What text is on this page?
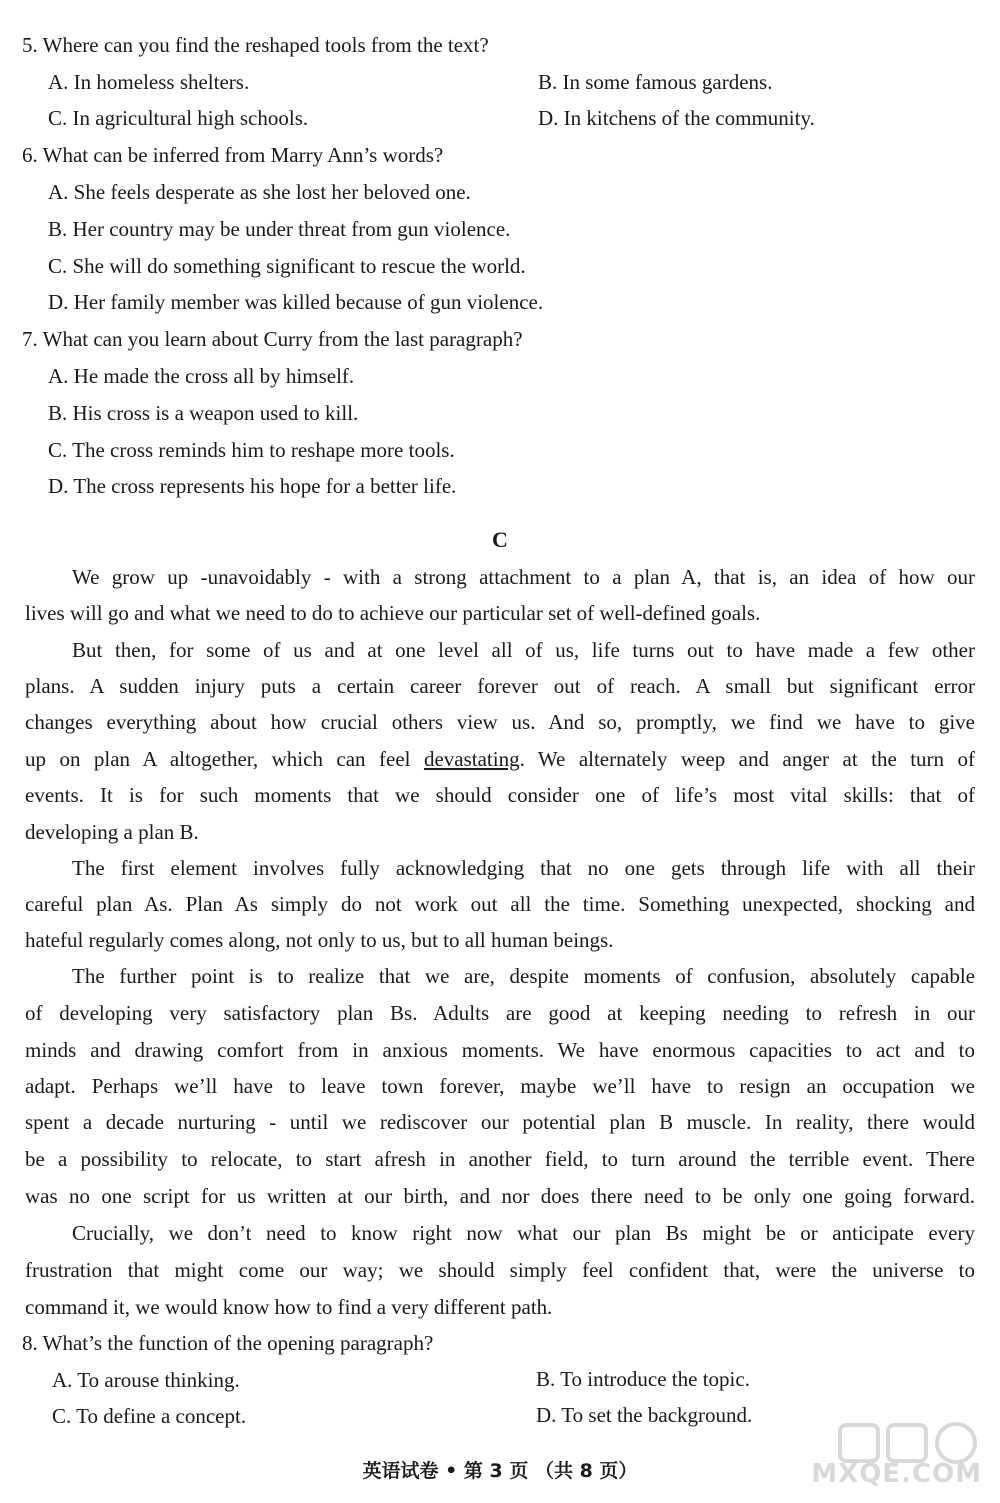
5. Where can you find the reshaped tools from the text?
A. In homeless shelters.	B. In some famous gardens.
C. In agricultural high schools.	D. In kitchens of the community.
6. What can be inferred from Marry Ann’s words?
A. She feels desperate as she lost her beloved one.
B. Her country may be under threat from gun violence.
C. She will do something significant to rescue the world.
D. Her family member was killed because of gun violence.
7. What can you learn about Curry from the last paragraph?
A. He made the cross all by himself.
B. His cross is a weapon used to kill.
C. The cross reminds him to reshape more tools.
D. The cross represents his hope for a better life.
C
We grow up -unavoidably - with a strong attachment to a plan A, that is, an idea of how our
lives will go and what we need to do to achieve our particular set of well-defined goals.
But then, for some of us and at one level all of us, life turns out to have made a few other
plans. A sudden injury puts a certain career forever out of reach. A small but significant error
changes everything about how crucial others view us. And so, promptly, we find we have to give
up on plan A altogether, which can feel devastating. We alternately weep and anger at the turn of
events. It is for such moments that we should consider one of life’s most vital skills: that of
developing a plan B.
The first element involves fully acknowledging that no one gets through life with all their
careful plan As. Plan As simply do not work out all the time. Something unexpected, shocking and
hateful regularly comes along, not only to us, but to all human beings.
The further point is to realize that we are, despite moments of confusion, absolutely capable
of developing very satisfactory plan Bs. Adults are good at keeping needing to refresh in our
minds and drawing comfort from in anxious moments. We have enormous capacities to act and to
adapt. Perhaps we’ll have to leave town forever, maybe we’ll have to resign an occupation we
spent a decade nurturing - until we rediscover our potential plan B muscle. In reality, there would
be a possibility to relocate, to start afresh in another field, to turn around the terrible event. There
was no one script for us written at our birth, and nor does there need to be only one going forward.
Crucially, we don’t need to know right now what our plan Bs might be or anticipate every
frustration that might come our way; we should simply feel confident that, were the universe to
command it, we would know how to find a very different path.
8. What’s the function of the opening paragraph?
A. To arouse thinking.	B. To introduce the topic.
C. To define a concept.	D. To set the background.
英语试卷 • 第 3 页 （共 8 页）	MXQE.COM
